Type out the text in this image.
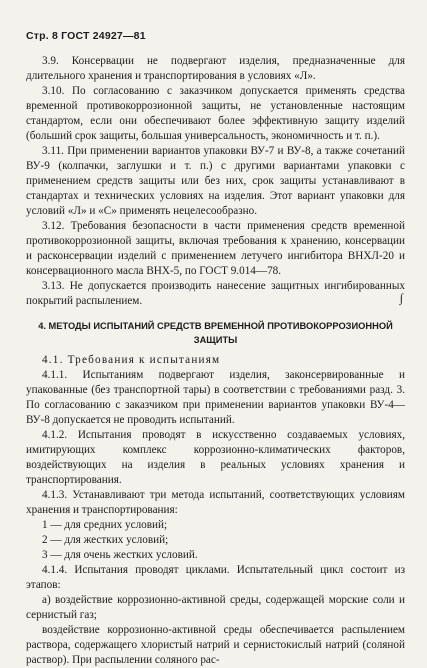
Стр. 8 ГОСТ 24927—81

3.9. Консервации не подвергают изделия, предназначенные для длительного хранения и транспортирования в условиях «Л».

3.10. По согласованию с заказчиком допускается применять средства временной противокоррозионной защиты, не установленные настоящим стандартом, если они обеспечивают более эффективную защиту изделий (больший срок защиты, большая универсальность, экономичность и т. п.).

3.11. При применении вариантов упаковки ВУ-7 и ВУ-8, а также сочетаний ВУ-9 (колпачки, заглушки и т. п.) с другими вариантами упаковки с применением средств защиты или без них, срок защиты устанавливают в стандартах и технических условиях на изделия. Этот вариант упаковки для условий «Л» и «С» применять нецелесообразно.

3.12. Требования безопасности в части применения средств временной противокоррозионной защиты, включая требования к хранению, консервации и расконсервации изделий с применением летучего ингибитора ВНХЛ-20 и консервационного масла ВНХ-5, по ГОСТ 9.014—78.

3.13. Не допускается производить нанесение защитных ингибированных покрытий распылением.

4. МЕТОДЫ ИСПЫТАНИЙ СРЕДСТВ ВРЕМЕННОЙ ПРОТИВОКОРРОЗИОННОЙ ЗАЩИТЫ

4.1. Требования к испытаниям

4.1.1. Испытаниям подвергают изделия, законсервированные и упакованные (без транспортной тары) в соответствии с требованиями разд. 3. По согласованию с заказчиком при применении вариантов упаковки ВУ-4—ВУ-8 допускается не проводить испытаний.

4.1.2. Испытания проводят в искусственно создаваемых условиях, имитирующих комплекс коррозионно-климатических факторов, воздействующих на изделия в реальных условиях хранения и транспортирования.

4.1.3. Устанавливают три метода испытаний, соответствующих условиям хранения и транспортирования:

1 — для средних условий;

2 — для жестких условий;

3 — для очень жестких условий.

4.1.4. Испытания проводят циклами. Испытательный цикл состоит из этапов:

а) воздействие коррозионно-активной среды, содержащей морские соли и сернистый газ;

воздействие коррозионно-активной среды обеспечивается распылением раствора, содержащего хлористый натрий и сернистокислый натрий (соляной раствор). При распылении соляного рас-

∫
